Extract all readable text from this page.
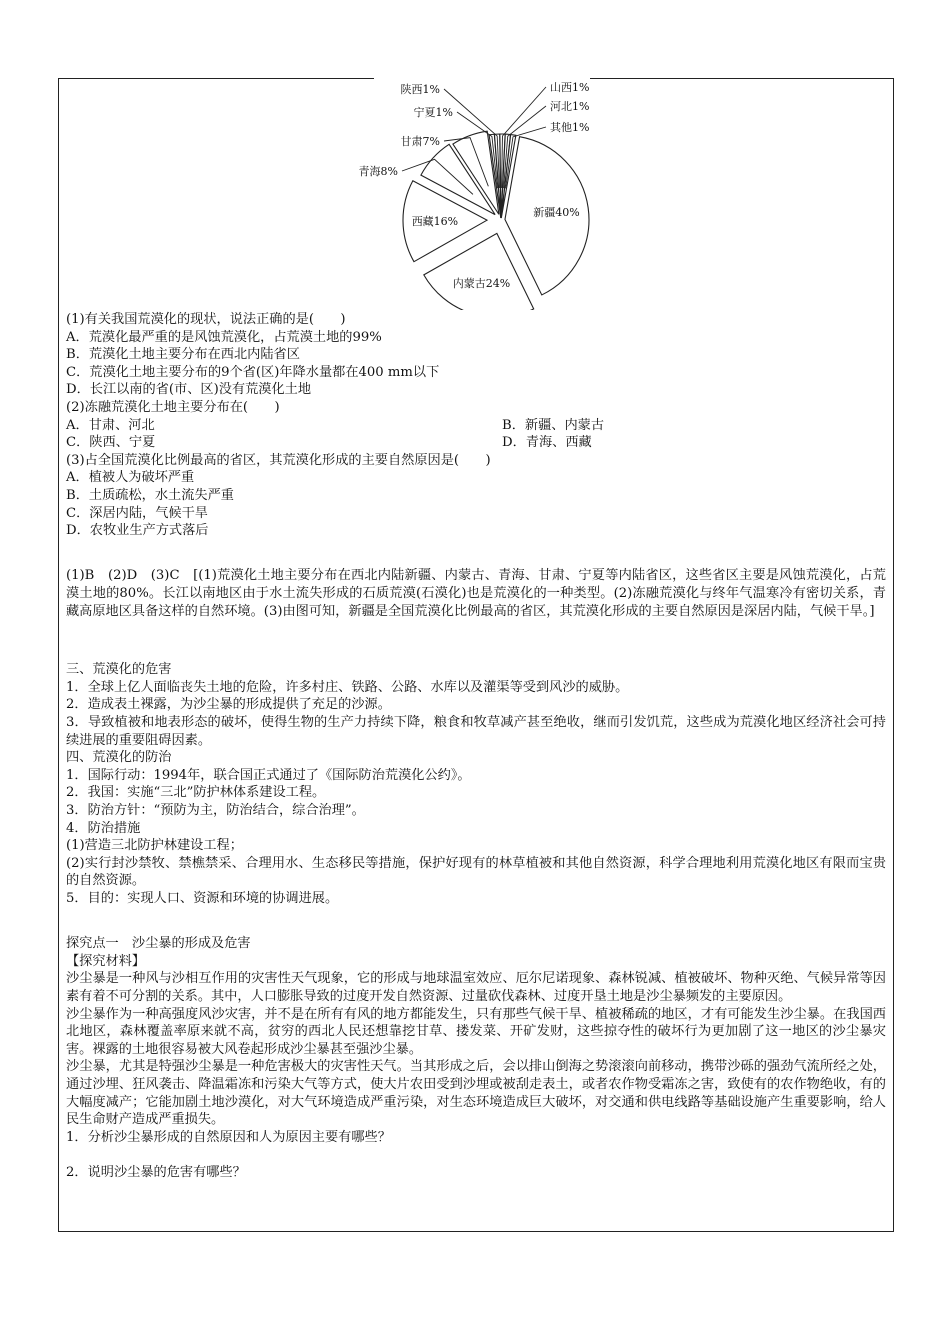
新疆40%
内蒙古24%
西藏16%
青海8%
甘肃7%
宁夏1%
陕西1%	山西1%
河北1%
其他1%
(1)有关我国荒漠化的现状，说法正确的是(　　)
A．荒漠化最严重的是风蚀荒漠化，占荒漠土地的99%
B．荒漠化土地主要分布在西北内陆省区
C．荒漠化土地主要分布的9个省(区)年降水量都在400 mm以下
D．长江以南的省(市、区)没有荒漠化土地
(2)冻融荒漠化土地主要分布在(　　)
A．甘肃、河北	B．新疆、内蒙古
C．陕西、宁夏	D．青海、西藏
(3)占全国荒漠化比例最高的省区，其荒漠化形成的主要自然原因是(　　)
A．植被人为破坏严重
B．土质疏松，水土流失严重
C．深居内陆，气候干旱
D．农牧业生产方式落后
(1)B　(2)D　(3)C　[(1)荒漠化土地主要分布在西北内陆新疆、内蒙古、青海、甘肃、宁夏等内陆省区，这些省区主要是风蚀荒漠化，占荒漠土地的80%。长江以南地区由于水土流失形成的石质荒漠(石漠化)也是荒漠化的一种类型。(2)冻融荒漠化与终年气温寒冷有密切关系，青藏高原地区具备这样的自然环境。(3)由图可知，新疆是全国荒漠化比例最高的省区，其荒漠化形成的主要自然原因是深居内陆，气候干旱。]
三、荒漠化的危害
1．全球上亿人面临丧失土地的危险，许多村庄、铁路、公路、水库以及灌渠等受到风沙的威胁。
2．造成表土裸露，为沙尘暴的形成提供了充足的沙源。
3．导致植被和地表形态的破坏，使得生物的生产力持续下降，粮食和牧草减产甚至绝收，继而引发饥荒，这些成为荒漠化地区经济社会可持续进展的重要阻碍因素。
四、荒漠化的防治
1．国际行动：1994年，联合国正式通过了《国际防治荒漠化公约》。
2．我国：实施“三北”防护林体系建设工程。
3．防治方针：“预防为主，防治结合，综合治理”。
4．防治措施
(1)营造三北防护林建设工程；
(2)实行封沙禁牧、禁樵禁采、合理用水、生态移民等措施，保护好现有的林草植被和其他自然资源，科学合理地利用荒漠化地区有限而宝贵的自然资源。
5．目的：实现人口、资源和环境的协调进展。
探究点一　沙尘暴的形成及危害
【探究材料】
沙尘暴是一种风与沙相互作用的灾害性天气现象，它的形成与地球温室效应、厄尔尼诺现象、森林锐减、植被破坏、物种灭绝、气候异常等因素有着不可分割的关系。其中，人口膨胀导致的过度开发自然资源、过量砍伐森林、过度开垦土地是沙尘暴频发的主要原因。
沙尘暴作为一种高强度风沙灾害，并不是在所有有风的地方都能发生，只有那些气候干旱、植被稀疏的地区，才有可能发生沙尘暴。在我国西北地区，森林覆盖率原来就不高，贫穷的西北人民还想靠挖甘草、搂发菜、开矿发财，这些掠夺性的破坏行为更加剧了这一地区的沙尘暴灾害。裸露的土地很容易被大风卷起形成沙尘暴甚至强沙尘暴。
沙尘暴，尤其是特强沙尘暴是一种危害极大的灾害性天气。当其形成之后，会以排山倒海之势滚滚向前移动，携带沙砾的强劲气流所经之处，通过沙埋、狂风袭击、降温霜冻和污染大气等方式，使大片农田受到沙埋或被刮走表土，或者农作物受霜冻之害，致使有的农作物绝收，有的大幅度减产；它能加剧土地沙漠化，对大气环境造成严重污染，对生态环境造成巨大破坏，对交通和供电线路等基础设施产生重要影响，给人民生命财产造成严重损失。
1．分析沙尘暴形成的自然原因和人为原因主要有哪些？
2．说明沙尘暴的危害有哪些？
